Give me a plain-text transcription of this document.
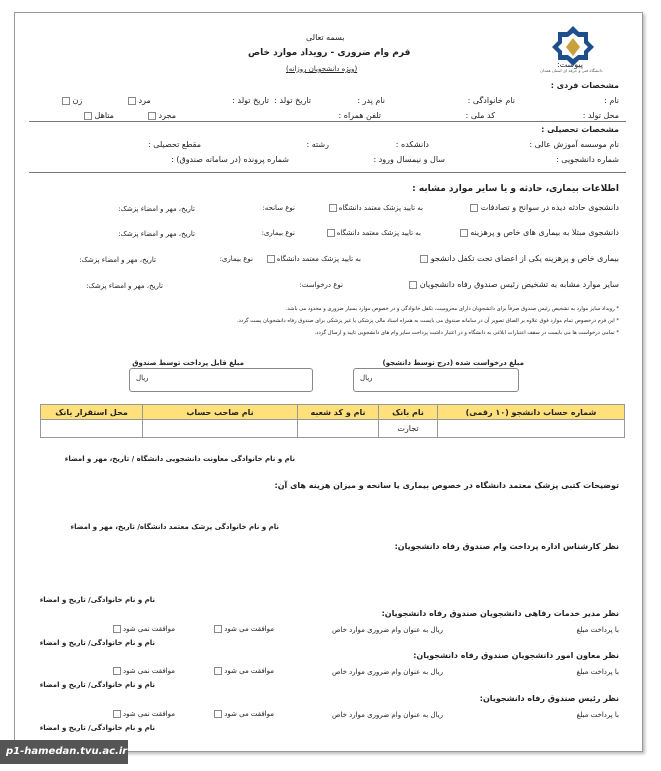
پیوست:
بسمه تعالی
فرم وام ضروری - رویداد موارد خاص
(ویژه دانشجویان روزانه)	دانشگاه فنی و حرفه ای استان همدان
مشخصات فردی :
نام :
نام خانوادگی :
نام پدر :
تاریخ تولد :
تاریخ تولد :
مرد
زن
محل تولد :
کد ملی :
تلفن همراه :
مجرد
متاهل
مشخصات تحصیلی :
نام موسسه آموزش عالی :
دانشکده :
رشته :
مقطع تحصیلی :
شماره دانشجویی :
سال و نیمسال ورود :
شماره پرونده (در سامانه صندوق) :
اطلاعات بیماری، حادثه و یا سایر موارد مشابه :
دانشجوی حادثه دیده در سوانح و تصادفات
به تایید پزشک معتمد دانشگاه
نوع سانحه:
تاریخ، مهر و امضاء پزشک:
دانشجوی مبتلا به بیماری های خاص و پرهزینه
به تایید پزشک معتمد دانشگاه
نوع بیماری:
تاریخ، مهر و امضاء پزشک:
بیماری خاص و پرهزینه یکی از اعضای تحت تکفل دانشجو
به تایید پزشک معتمد دانشگاه
نوع بیماری:
تاریخ، مهر و امضاء پزشک:
سایر موارد مشابه به تشخیص رئیس صندوق رفاه دانشجویان
نوع درخواست:
تاریخ، مهر و امضاء پزشک:
* رویداد سایر موارد به تشخیص رئیس صندوق صرفاً برای دانشجویان دارای محرومیت، تکفل خانوادگی و در خصوص موارد بسیار ضروری و محدود می باشد.
* این فرم درخصوص تمام موارد فوق علاوه بر الصاق تصویر آن در سامانه صندوق می بایست به همراه اسناد مالی پزشکی یا غیر پزشکی برای صندوق رفاه دانشجویان پست گردد.
* تمامی درخواست ها می بایست در سقف اعتبارات ابلاغی به دانشگاه و در اعتبار داشت پرداخت سایر وام های دانشجویی تایید و ارسال گردد.
مبلغ درخواست شده (درج توسط دانشجو)
ریال
مبلغ قابل پرداخت توسط صندوق
ریال
شماره حساب دانشجو (۱۰ رقمی)	نام بانک	نام و کد شعبه	نام صاحب حساب	محل استقرار بانک
	تجارت			
نام و نام خانوادگی معاونت دانشجویی دانشگاه / تاریخ، مهر و امضاء
توضیحات کتبی پزشک معتمد دانشگاه در خصوص بیماری یا سانحه و میزان هزینه های آن:
نام و نام خانوادگی پزشک معتمد دانشگاه/ تاریخ، مهر و امضاء
نظر کارشناس اداره پرداخت وام صندوق رفاه دانشجویان:
نام و نام خانوادگی/ تاریخ و امضاء
نظر مدیر خدمات رفاهی دانشجویان صندوق رفاه دانشجویان:
با پرداخت مبلغ
ریال به عنوان وام ضروری موارد خاص
موافقت می شود
موافقت نمی شود
نام و نام خانوادگی/ تاریخ و امضاء
نظر معاون امور دانشجویان صندوق رفاه دانشجویان:
با پرداخت مبلغ
ریال به عنوان وام ضروری موارد خاص
موافقت می شود
موافقت نمی شود
نام و نام خانوادگی/ تاریخ و امضاء
نظر رئیس صندوق رفاه دانشجویان:
با پرداخت مبلغ
ریال به عنوان وام ضروری موارد خاص
موافقت می شود
موافقت نمی شود
نام و نام خانوادگی/ تاریخ و امضاء
p1-hamedan.tvu.ac.ir
